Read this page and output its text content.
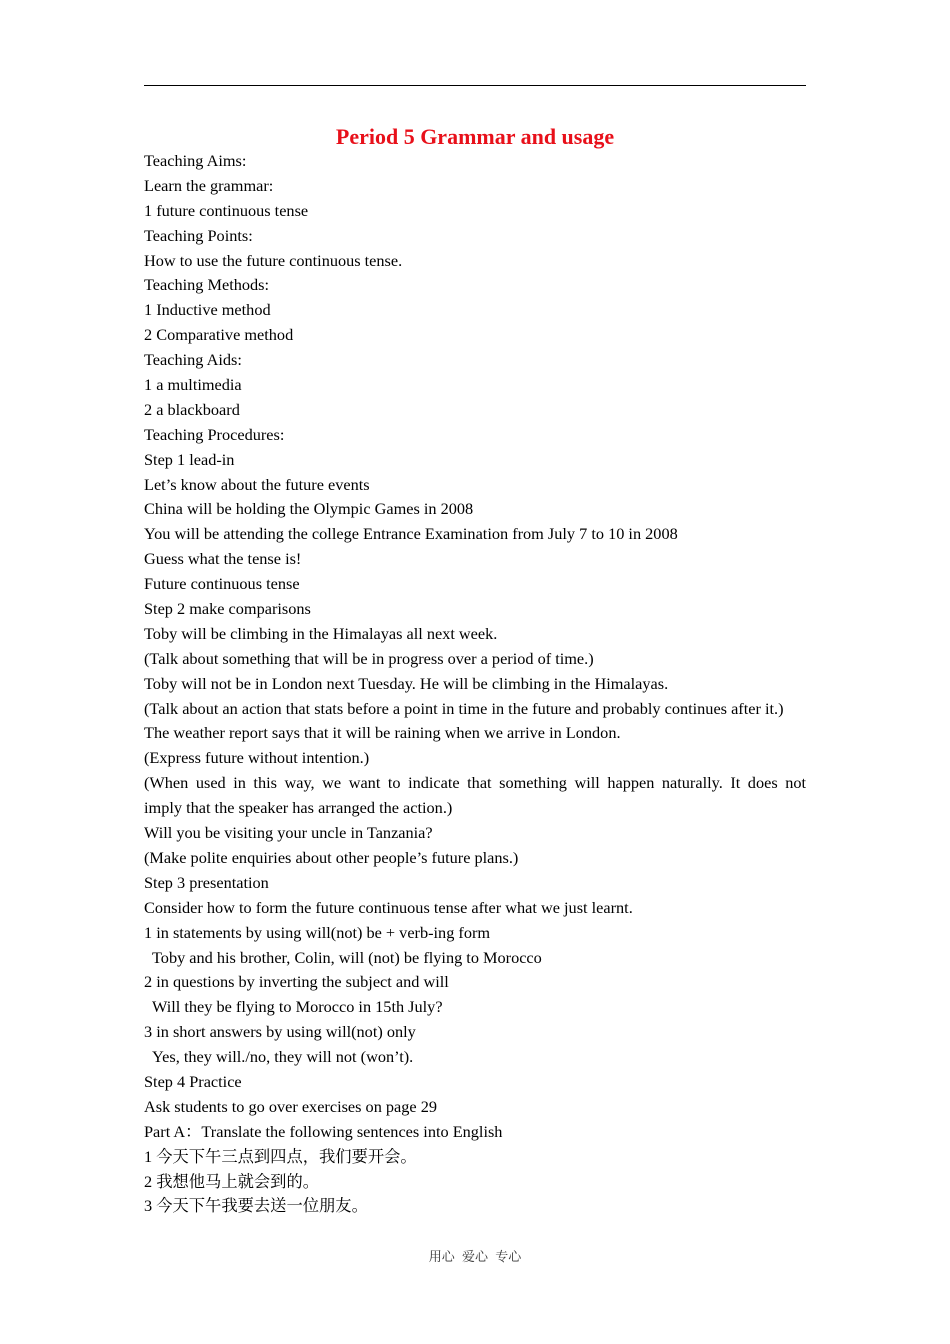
Period 5 Grammar and usage
Teaching Aims:
Learn the grammar:
1 future continuous tense
Teaching Points:
How to use the future continuous tense.
Teaching Methods:
1 Inductive method
2 Comparative method
Teaching Aids:
1 a multimedia
2 a blackboard
Teaching Procedures:
Step 1 lead-in
Let’s know about the future events
China will be holding the Olympic Games in 2008
You will be attending the college Entrance Examination from July 7 to 10 in 2008
Guess what the tense is!
Future continuous tense
Step 2 make comparisons
Toby will be climbing in the Himalayas all next week.
(Talk about something that will be in progress over a period of time.)
Toby will not be in London next Tuesday. He will be climbing in the Himalayas.
(Talk about an action that stats before a point in time in the future and probably continues after it.)
The weather report says that it will be raining when we arrive in London.
(Express future without intention.)
(When used in this way, we want to indicate that something will happen naturally. It does not
imply that the speaker has arranged the action.)
Will you be visiting your uncle in Tanzania?
(Make polite enquiries about other people’s future plans.)
Step 3 presentation
Consider how to form the future continuous tense after what we just learnt.
1 in statements by using will(not) be + verb-ing form
Toby and his brother, Colin, will (not) be flying to Morocco
2 in questions by inverting the subject and will
Will they be flying to Morocco in 15th July?
3 in short answers by using will(not) only
Yes, they will./no, they will not (won’t).
Step 4 Practice
Ask students to go over exercises on page 29
Part A：Translate the following sentences into English
1 今天下午三点到四点，我们要开会。
2 我想他马上就会到的。
3 今天下午我要去送一位朋友。
用心 爱心 专心
